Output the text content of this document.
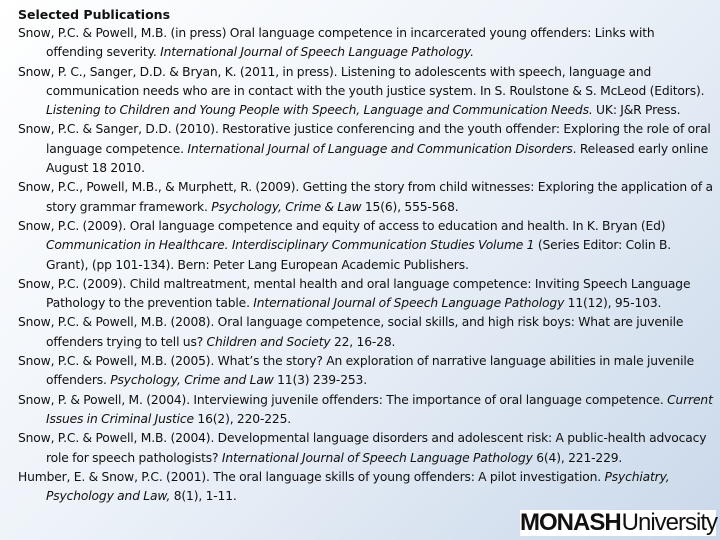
Selected Publications

Snow, P.C. & Powell, M.B. (in press) Oral language competence in incarcerated young offenders: Links with offending severity. International Journal of Speech Language Pathology.

Snow, P. C., Sanger, D.D. & Bryan, K. (2011, in press). Listening to adolescents with speech, language and communication needs who are in contact with the youth justice system. In S. Roulstone & S. McLeod (Editors). Listening to Children and Young People with Speech, Language and Communication Needs. UK: J&R Press.

Snow, P.C. & Sanger, D.D. (2010). Restorative justice conferencing and the youth offender: Exploring the role of oral language competence. International Journal of Language and Communication Disorders. Released early online August 18 2010.

Snow, P.C., Powell, M.B., & Murphett, R. (2009). Getting the story from child witnesses: Exploring the application of a story grammar framework. Psychology, Crime & Law 15(6), 555-568.

Snow, P.C. (2009). Oral language competence and equity of access to education and health. In K. Bryan (Ed) Communication in Healthcare. Interdisciplinary Communication Studies Volume 1 (Series Editor: Colin B. Grant), (pp 101-134). Bern: Peter Lang European Academic Publishers.

Snow, P.C. (2009). Child maltreatment, mental health and oral language competence: Inviting Speech Language Pathology to the prevention table. International Journal of Speech Language Pathology 11(12), 95-103.

Snow, P.C. & Powell, M.B. (2008). Oral language competence, social skills, and high risk boys: What are juvenile offenders trying to tell us? Children and Society 22, 16-28.

Snow, P.C. & Powell, M.B. (2005). What’s the story? An exploration of narrative language abilities in male juvenile offenders. Psychology, Crime and Law 11(3) 239-253.

Snow, P. & Powell, M. (2004). Interviewing juvenile offenders: The importance of oral language competence. Current Issues in Criminal Justice 16(2), 220-225.

Snow, P.C. & Powell, M.B. (2004). Developmental language disorders and adolescent risk: A public-health advocacy role for speech pathologists? International Journal of Speech Language Pathology 6(4), 221-229.

Humber, E. & Snow, P.C. (2001). The oral language skills of young offenders: A pilot investigation. Psychiatry, Psychology and Law, 8(1), 1-11.

MONASH University
